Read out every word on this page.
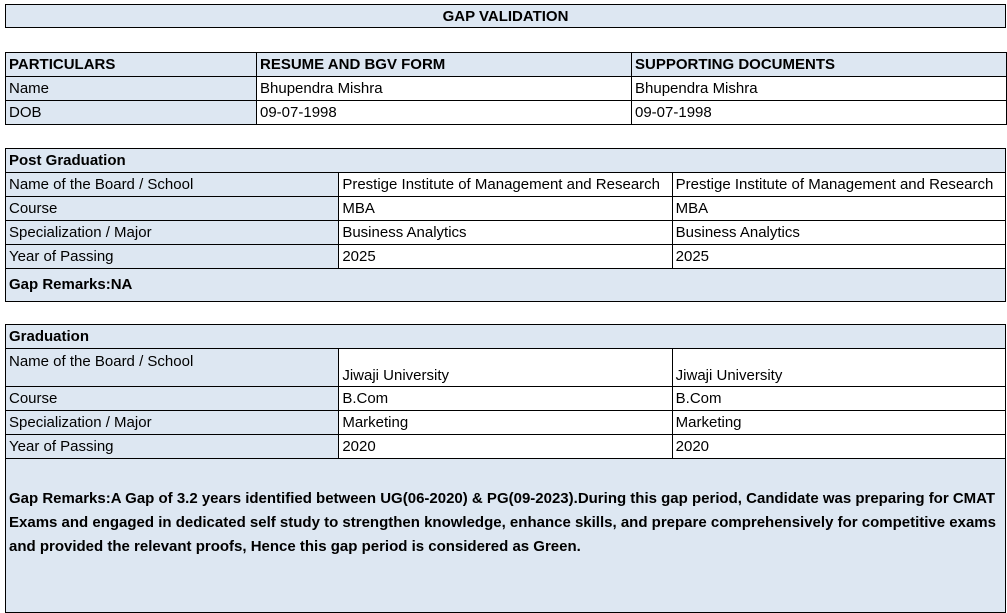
GAP VALIDATION
PARTICULARS	RESUME AND BGV FORM	SUPPORTING DOCUMENTS
Name	Bhupendra Mishra	Bhupendra Mishra
DOB	09-07-1998	09-07-1998
Post Graduation		
Name of the Board / School	Prestige Institute of Management and Research	Prestige Institute of Management and Research
Course	MBA	MBA
Specialization / Major	Business Analytics	Business Analytics
Year of Passing	2025	2025
Gap Remarks:NA		
Graduation		
Name of the Board / School	Jiwaji University	Jiwaji University
Course	B.Com	B.Com
Specialization / Major	Marketing	Marketing
Year of Passing	2020	2020
Gap Remarks:A Gap of 3.2 years identified between UG(06-2020) & PG(09-2023).During this gap period, Candidate was preparing for CMAT Exams and engaged in dedicated self study to strengthen knowledge, enhance skills, and prepare comprehensively for competitive exams and provided the relevant proofs, Hence this gap period is considered as Green.		
